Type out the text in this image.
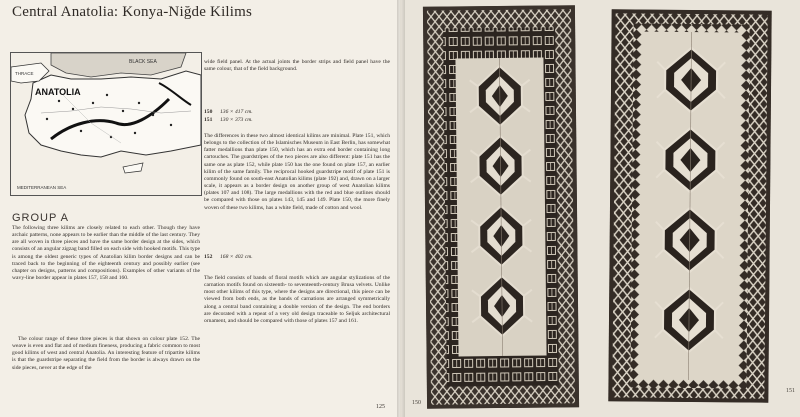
Central Anatolia: Konya-Niğde Kilims
BLACK SEA
THRACE
ANATOLIA
MEDITERRANEAN SEA
GROUP A

The following three kilims are closely related to each other. Though they have archaic patterns, none appears to be earlier than the middle of the last century. They are all woven in three pieces and have the same border design at the sides, which consists of an angular zigzag band filled on each side with hooked motifs. This type is among the oldest generic types of Anatolian kilim border designs and can be traced back to the beginning of the eighteenth century and possibly earlier (see chapter on designs, patterns and compositions). Examples of other variants of the wavy-line border appear in plates 157, 158 and 160.

The colour range of these three pieces is that shown on colour plate 152. The weave is even and flat and of medium fineness, producing a fabric common to most good kilims of west and central Anatolia. An interesting feature of tripartite kilims is that the guardstripe separating the field from the border is always drawn on the side pieces, never at the edge of the

wide field panel. At the actual joints the border strips and field panel have the same colour, that of the field background.

150 136 × 417 cm.
151 130 × 373 cm.

The differences in these two almost identical kilims are minimal. Plate 151, which belongs to the collection of the Islamisches Museum in East Berlin, has somewhat fatter medallions than plate 150, which has an extra end border containing long cartouches. The guardstripes of the two pieces are also different: plate 151 has the same one as plate 152, while plate 150 has the one found on plate 157, an earlier kilim of the same family. The reciprocal hooked guardstripe motif of plate 151 is commonly found on south-east Anatolian kilims (plate 192) and, drawn on a larger scale, it appears as a border design on another group of west Anatolian kilims (plates 107 and 108). The large medallions with the red and blue outlines should be compared with those on plates 143, 145 and 149. Plate 150, the more finely woven of these two kilims, has a white field, made of cotton and wool.

152 168 × 402 cm.

The field consists of bands of floral motifs which are angular stylizations of the carnation motifs found on sixteenth- to seventeenth-century Brusa velvets. Unlike most other kilims of this type, where the designs are directional, this piece can be viewed from both ends, as the bands of carnations are arranged symmetrically along a central band containing a double version of the design. The end borders are decorated with a repeat of a very old design traceable to Seljuk architectural ornament, and should be compared with those of plates 157 and 161.

125
150
151
